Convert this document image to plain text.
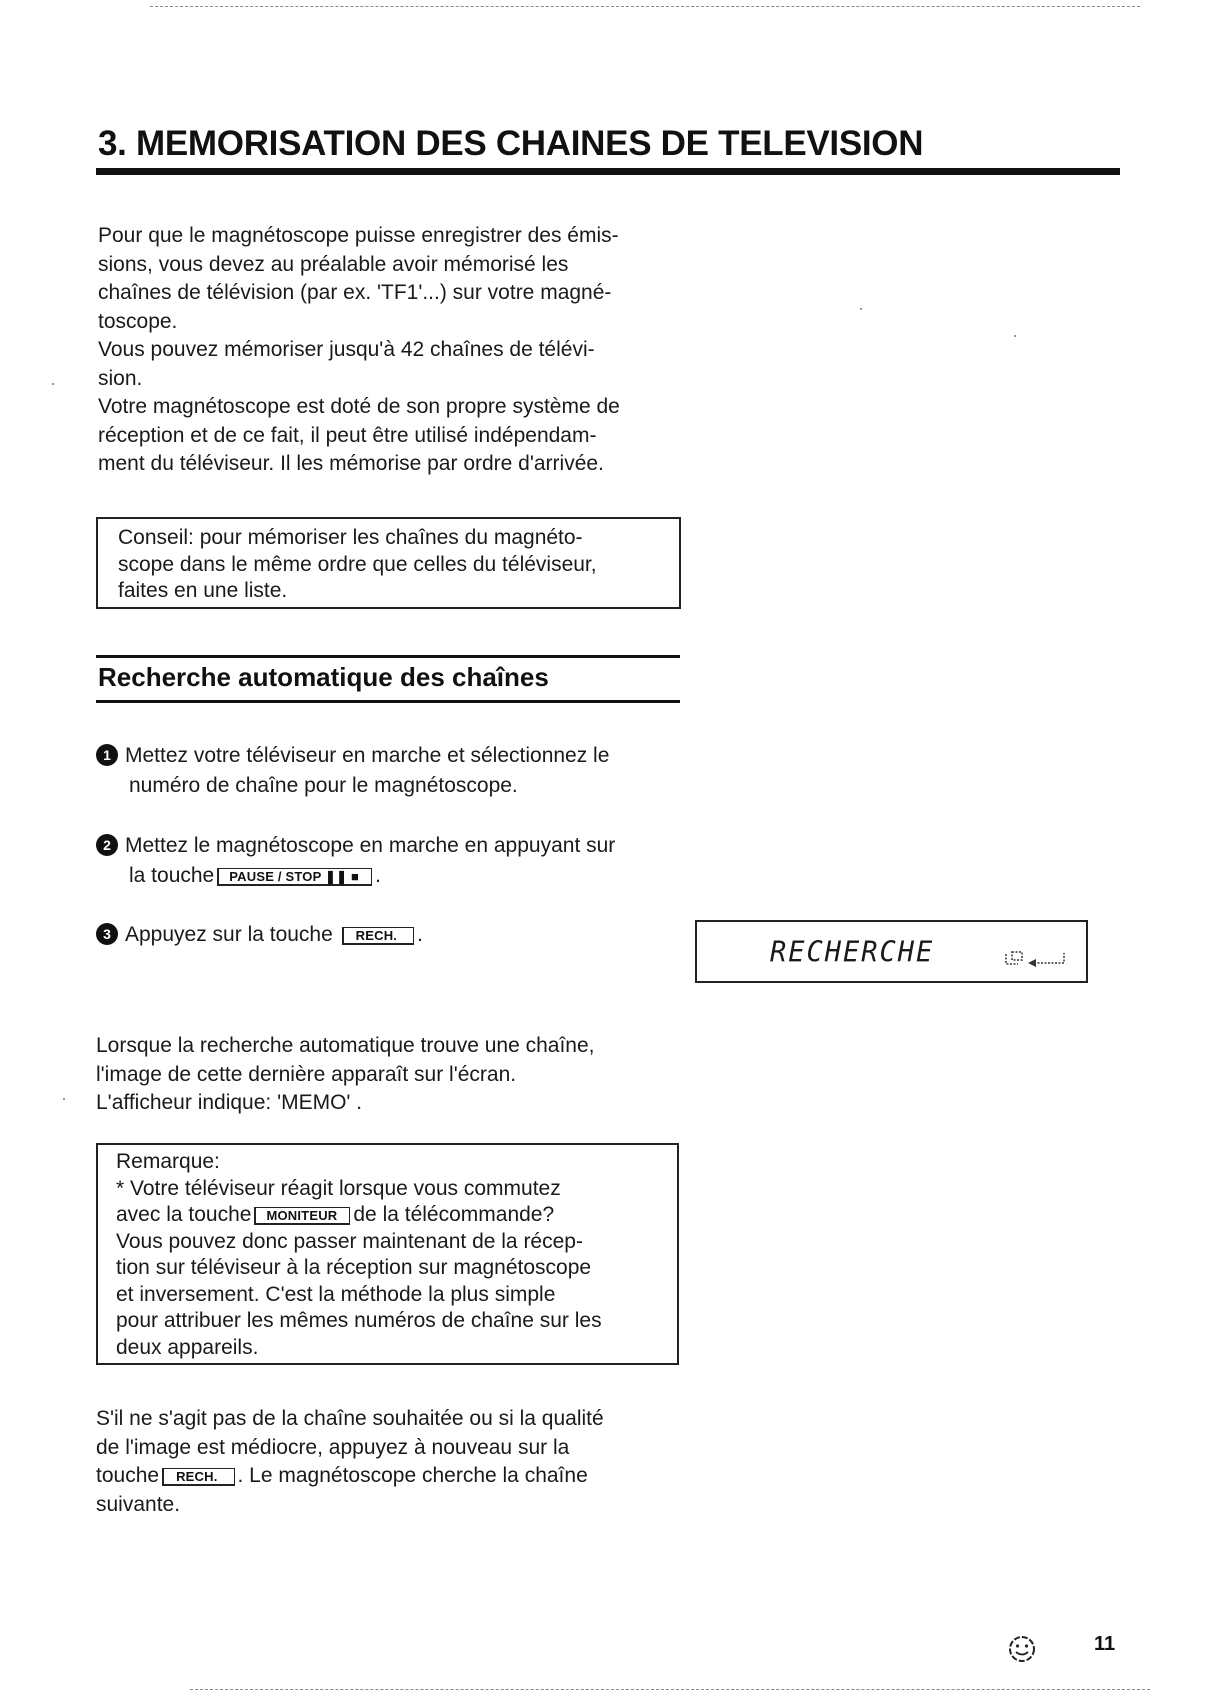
3. MEMORISATION DES CHAINES DE TELEVISION
Pour que le magnétoscope puisse enregistrer des émis-
sions, vous devez au préalable avoir mémorisé les
chaînes de télévision (par ex. 'TF1'...) sur votre magné-
toscope.
Vous pouvez mémoriser jusqu'à 42 chaînes de télévi-
sion.
Votre magnétoscope est doté de son propre système de
réception et de ce fait, il peut être utilisé indépendam-
ment du téléviseur. Il les mémorise par ordre d'arrivée.
Conseil: pour mémoriser les chaînes du magnéto-
scope dans le même ordre que celles du téléviseur,
faites en une liste.
Recherche automatique des chaînes
1 Mettez votre téléviseur en marche et sélectionnez le
numéro de chaîne pour le magnétoscope.
2 Mettez le magnétoscope en marche en appuyant sur
la touche PAUSE / STOP ❚❚ ■ .
3 Appuyez sur la touche RECH. .
RECHERCHE
Lorsque la recherche automatique trouve une chaîne,
l'image de cette dernière apparaît sur l'écran.
L'afficheur indique: 'MEMO' .
Remarque:
* Votre téléviseur réagit lorsque vous commutez
avec la touche MONITEUR de la télécommande?
Vous pouvez donc passer maintenant de la récep-
tion sur téléviseur à la réception sur magnétoscope
et inversement. C'est la méthode la plus simple
pour attribuer les mêmes numéros de chaîne sur les
deux appareils.
S'il ne s'agit pas de la chaîne souhaitée ou si la qualité
de l'image est médiocre, appuyez à nouveau sur la
touche RECH. . Le magnétoscope cherche la chaîne
suivante.
11
